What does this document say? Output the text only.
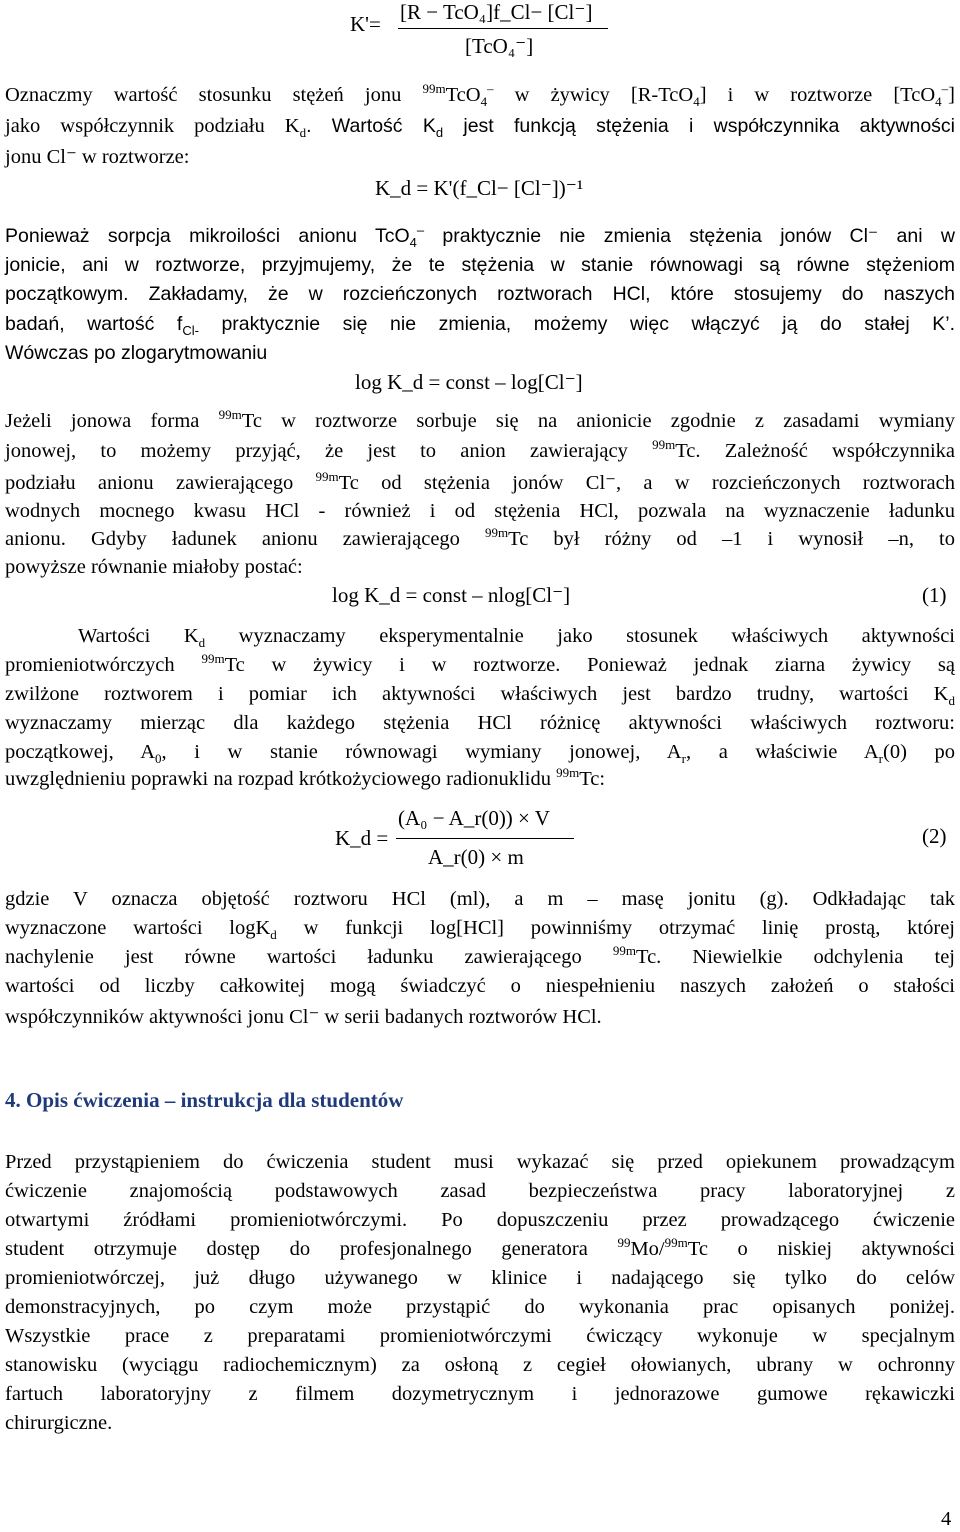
K'= [R − TcO₄]f_Cl− [Cl⁻]
[TcO₄⁻]
Oznaczmy wartość stosunku stężeń jonu $^{99m}$TcO$_4$– w żywicy [R-TcO$_4$] i w roztworze [TcO$_4$–]
jako współczynnik podziału $K_d$. Wartość $K_d$ jest funkcją stężenia i współczynnika aktywności
jonu Cl⁻ w roztworze:
K_d = K'(f_Cl− [Cl⁻])⁻¹
Ponieważ sorpcja mikroilości anionu TcO$_4$– praktycznie nie zmienia stężenia jonów Cl⁻ ani w
jonicie, ani w roztworze, przyjmujemy, że te stężenia w stanie równowagi są równe stężeniom
początkowym. Zakładamy, że w rozcieńczonych roztworach HCl, które stosujemy do naszych
badań, wartość $f_{Cl-}$ praktycznie się nie zmienia, możemy więc włączyć ją do stałej K’.
Wówczas po zlogarytmowaniu
log K_d = const – log[Cl⁻]
Jeżeli jonowa forma $^{99m}$Tc w roztworze sorbuje się na anionicie zgodnie z zasadami wymiany
jonowej, to możemy przyjąć, że jest to anion zawierający $^{99m}$Tc. Zależność współczynnika
podziału anionu zawierającego $^{99m}$Tc od stężenia jonów Cl⁻, a w rozcieńczonych roztworach
wodnych mocnego kwasu HCl - również i od stężenia HCl, pozwala na wyznaczenie ładunku
anionu. Gdyby ładunek anionu zawierającego $^{99m}$Tc był różny od –1 i wynosił –n, to
powyższe równanie miałoby postać:
log K_d = const – nlog[Cl⁻]	(1)
Wartości $K_d$ wyznaczamy eksperymentalnie jako stosunek właściwych aktywności
promieniotwórczych $^{99m}$Tc w żywicy i w roztworze. Ponieważ jednak ziarna żywicy są
zwilżone roztworem i pomiar ich aktywności właściwych jest bardzo trudny, wartości $K_d$
wyznaczamy mierząc dla każdego stężenia HCl różnicę aktywności właściwych roztworu:
początkowej, $A_0$, i w stanie równowagi wymiany jonowej, $A_r$, a właściwie $A_r(0)$ po
uwzględnieniu poprawki na rozpad krótkożyciowego radionuklidu $^{99m}$Tc:
K_d =
(A₀ − A_r(0)) × V
A_r(0) × m
(2)
gdzie V oznacza objętość roztworu HCl (ml), a m – masę jonitu (g). Odkładając tak
wyznaczone wartości logK$_d$ w funkcji log[HCl] powinniśmy otrzymać linię prostą, której
nachylenie jest równe wartości ładunku zawierającego $^{99m}$Tc. Niewielkie odchylenia tej
wartości od liczby całkowitej mogą świadczyć o niespełnieniu naszych założeń o stałości
współczynników aktywności jonu Cl⁻ w serii badanych roztworów HCl.
4. Opis ćwiczenia – instrukcja dla studentów
Przed przystąpieniem do ćwiczenia student musi wykazać się przed opiekunem prowadzącym
ćwiczenie znajomością podstawowych zasad bezpieczeństwa pracy laboratoryjnej z
otwartymi źródłami promieniotwórczymi. Po dopuszczeniu przez prowadzącego ćwiczenie
student otrzymuje dostęp do profesjonalnego generatora $^{99}$Mo/$^{99m}$Tc o niskiej aktywności
promieniotwórczej, już długo używanego w klinice i nadającego się tylko do celów
demonstracyjnych, po czym może przystąpić do wykonania prac opisanych poniżej.
Wszystkie prace z preparatami promieniotwórczymi ćwiczący wykonuje w specjalnym
stanowisku (wyciągu radiochemicznym) za osłoną z cegieł ołowianych, ubrany w ochronny
fartuch laboratoryjny z filmem dozymetrycznym i jednorazowe gumowe rękawiczki
chirurgiczne.
4
